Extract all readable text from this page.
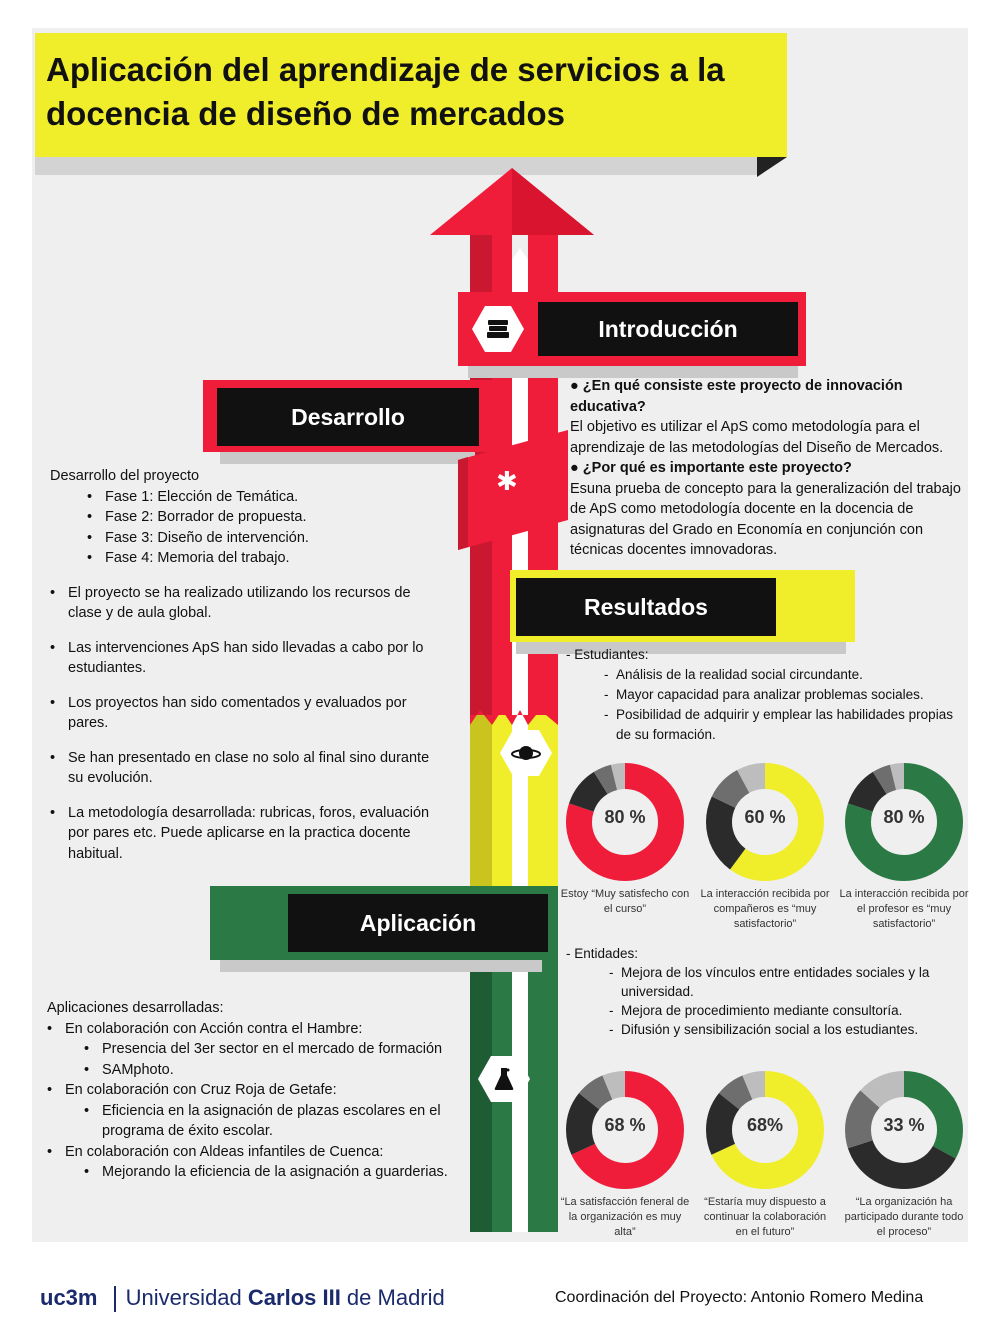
Aplicación del aprendizaje de servicios a la docencia de diseño de mercados
Introducción
Desarrollo
✱
Resultados
Aplicación
● ¿En qué consiste este proyecto de innovación educativa?
El objetivo es utilizar el ApS como metodología para el aprendizaje de las metodologías del Diseño de Mercados.
● ¿Por qué es importante este proyecto?
Esuna prueba de concepto para la generalización del trabajo de ApS como metodología docente en la docencia de asignaturas del Grado en Economía en conjunción con técnicas docentes imnovadoras.
Desarrollo del proyecto
• Fase 1: Elección de Temática.
• Fase 2: Borrador de propuesta.
• Fase 3: Diseño de intervención.
• Fase 4: Memoria del trabajo.
• El proyecto se ha realizado utilizando los recursos de clase y de aula global.
• Las intervenciones ApS han sido llevadas a cabo por lo estudiantes.
• Los proyectos han sido comentados y evaluados por pares.
• Se han presentado en clase no solo al final sino durante su evolución.
• La metodología desarrollada: rubricas, foros, evaluación por pares etc. Puede aplicarse en la practica docente habitual.
- Estudiantes:
- Análisis de la realidad social circundante.
- Mayor capacidad para analizar problemas sociales.
- Posibilidad de adquirir y emplear las habilidades propias de su formación.
- Entidades:
- Mejora de los vínculos entre entidades sociales y la universidad.
- Mejora de procedimiento mediante consultoría.
- Difusión y sensibilización social a los estudiantes.
Aplicaciones desarrolladas:
• En colaboración con Acción contra el Hambre:
• Presencia del 3er sector en el mercado de formación
• SAMphoto.
• En colaboración con Cruz Roja de Getafe:
• Eficiencia en la asignación de plazas escolares en el programa de éxito escolar.
• En colaboración con Aldeas infantiles de Cuenca:
• Mejorando la eficiencia de la asignación a guarderias.
80 %
Estoy “Muy satisfecho con el curso”
60 %
La interacción recibida por compañeros es “muy satisfactorio”
80 %
La interacción recibida por el profesor es “muy satisfactorio”
68 %
“La satisfacción feneral de la organización es muy alta”
68%
“Estaría muy dispuesto a continuar la colaboración en el futuro”
33 %
“La organización ha participado durante todo el proceso”
uc3m Universidad Carlos III de Madrid	Coordinación del Proyecto: Antonio Romero Medina
